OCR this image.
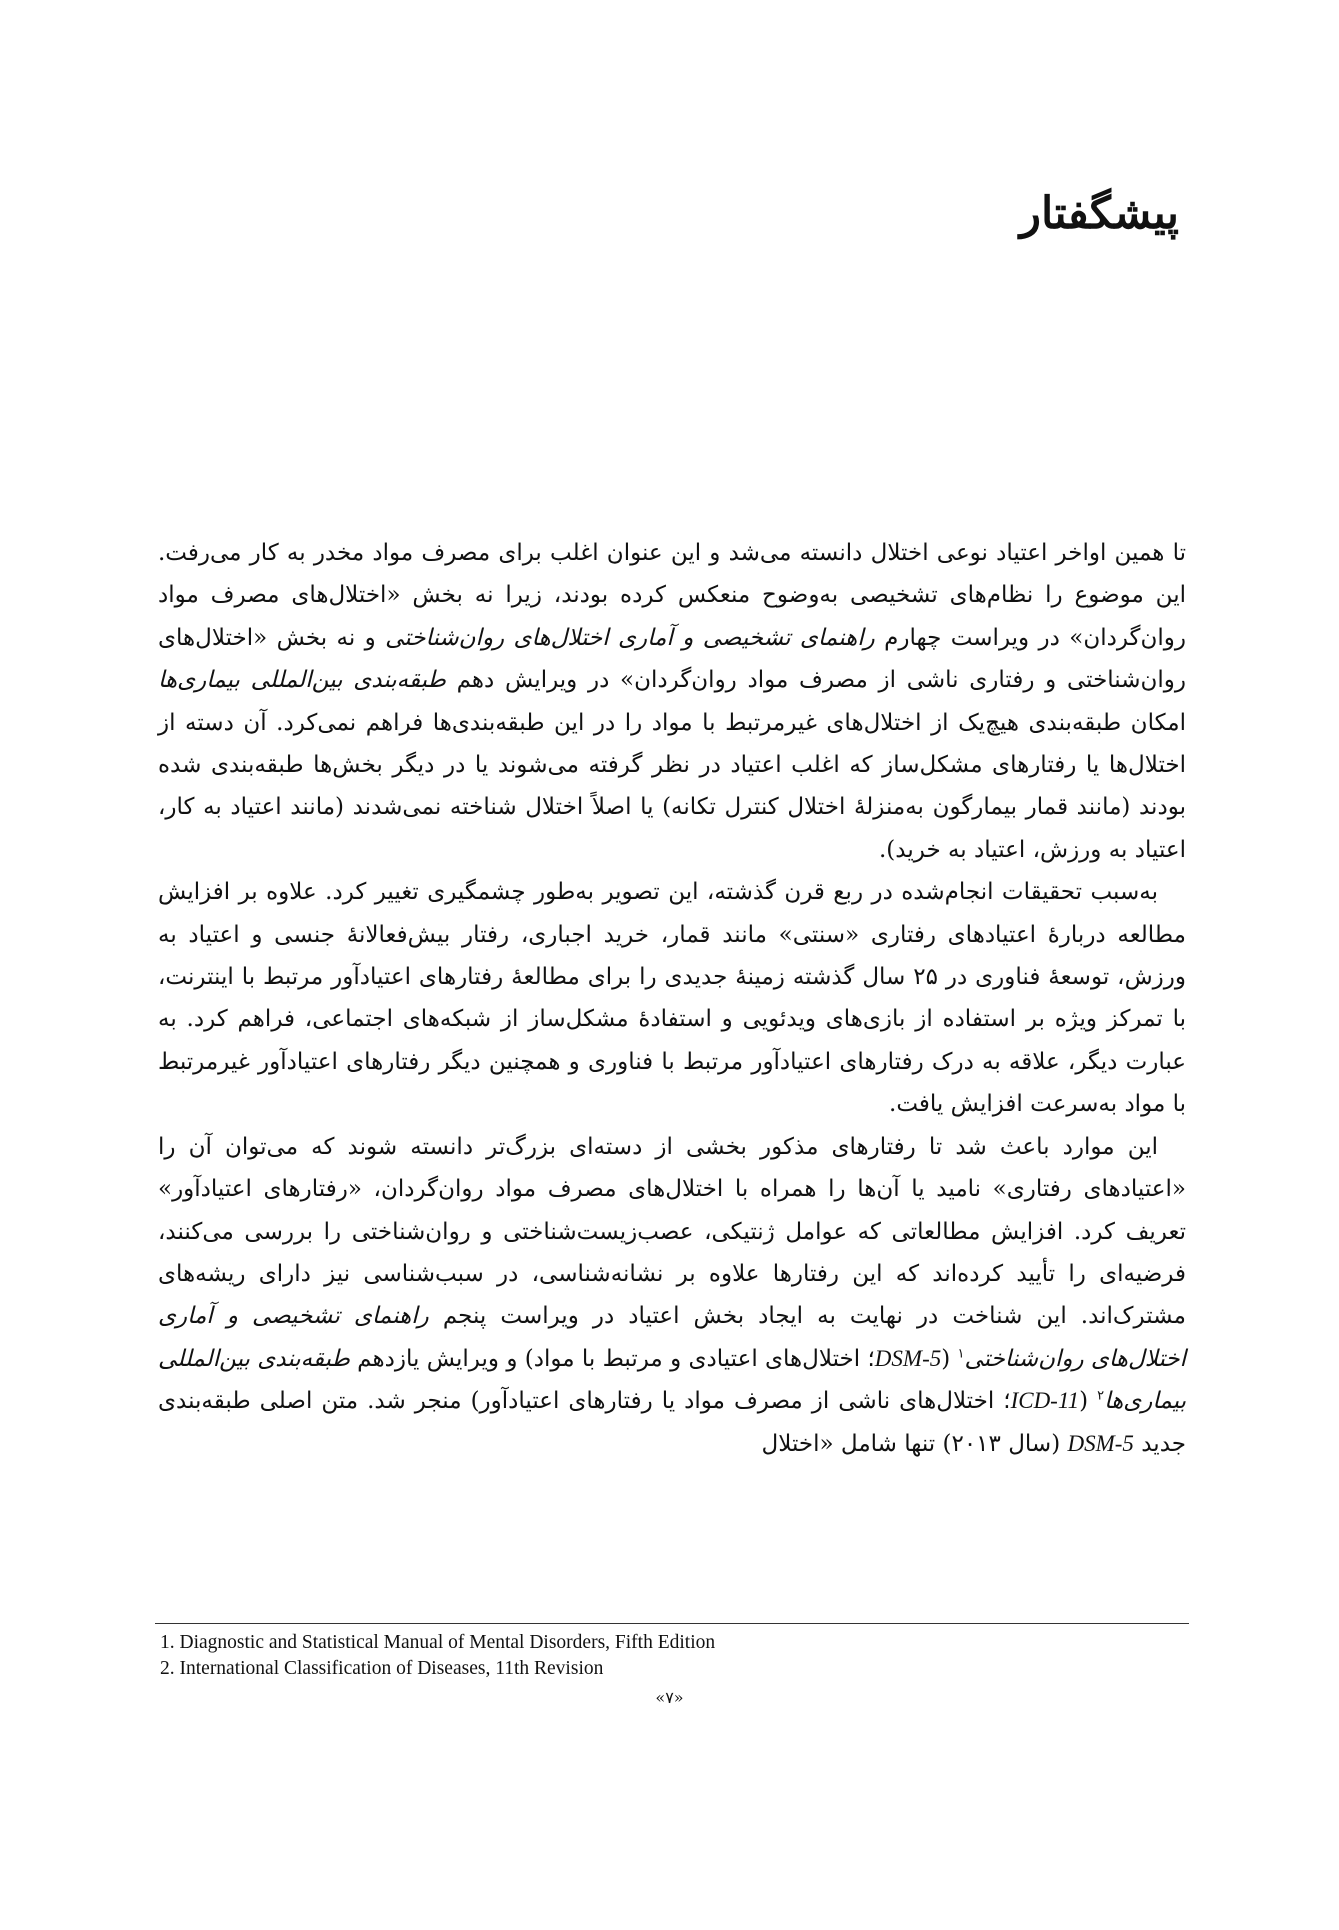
پیشگفتار

تا همین اواخر اعتیاد نوعی اختلال دانسته می‌شد و این عنوان اغلب برای مصرف مواد مخدر به کار می‌رفت. این موضوع را نظام‌های تشخیصی به‌وضوح منعکس کرده بودند، زیرا نه بخش «اختلال‌های مصرف مواد روان‌گردان» در ویراست چهارم راهنمای تشخیصی و آماری اختلال‌های روان‌شناختی و نه بخش «اختلال‌های روان‌شناختی و رفتاری ناشی از مصرف مواد روان‌گردان» در ویرایش دهم طبقه‌بندی بین‌المللی بیماری‌ها امکان طبقه‌بندی هیچ‌یک از اختلال‌های غیرمرتبط با مواد را در این طبقه‌بندی‌ها فراهم نمی‌کرد. آن دسته از اختلال‌ها یا رفتارهای مشکل‌ساز که اغلب اعتیاد در نظر گرفته می‌شوند یا در دیگر بخش‌ها طبقه‌بندی شده بودند (مانند قمار بیمارگون به‌منزلهٔ اختلال کنترل تکانه) یا اصلاً اختلال شناخته نمی‌شدند (مانند اعتیاد به کار، اعتیاد به ورزش، اعتیاد به خرید).

به‌سبب تحقیقات انجام‌شده در ربع قرن گذشته، این تصویر به‌طور چشمگیری تغییر کرد. علاوه بر افزایش مطالعه دربارهٔ اعتیادهای رفتاری «سنتی» مانند قمار، خرید اجباری، رفتار بیش‌فعالانهٔ جنسی و اعتیاد به ورزش، توسعهٔ فناوری در ۲۵ سال گذشته زمینهٔ جدیدی را برای مطالعهٔ رفتارهای اعتیادآور مرتبط با اینترنت، با تمرکز ویژه بر استفاده از بازی‌های ویدئویی و استفادهٔ مشکل‌ساز از شبکه‌های اجتماعی، فراهم کرد. به عبارت دیگر، علاقه به درک رفتارهای اعتیادآور مرتبط با فناوری و همچنین دیگر رفتارهای اعتیادآور غیرمرتبط با مواد به‌سرعت افزایش یافت.

این موارد باعث شد تا رفتارهای مذکور بخشی از دسته‌ای بزرگ‌تر دانسته شوند که می‌توان آن را «اعتیادهای رفتاری» نامید یا آن‌ها را همراه با اختلال‌های مصرف مواد روان‌گردان، «رفتارهای اعتیادآور» تعریف کرد. افزایش مطالعاتی که عوامل ژنتیکی، عصب‌زیست‌شناختی و روان‌شناختی را بررسی می‌کنند، فرضیه‌ای را تأیید کرده‌اند که این رفتارها علاوه بر نشانه‌شناسی، در سبب‌شناسی نیز دارای ریشه‌های مشترک‌اند. این شناخت در نهایت به ایجاد بخش اعتیاد در ویراست پنجم راهنمای تشخیصی و آماری اختلال‌های روان‌شناختی$^۱$ (DSM-5؛ اختلال‌های اعتیادی و مرتبط با مواد) و ویرایش یازدهم طبقه‌بندی بین‌المللی بیماری‌ها$^۲$ (ICD-11؛ اختلال‌های ناشی از مصرف مواد یا رفتارهای اعتیادآور) منجر شد. متن اصلی طبقه‌بندی جدید DSM-5 (سال ۲۰۱۳) تنها شامل «اختلال

1. Diagnostic and Statistical Manual of Mental Disorders, Fifth Edition
2. International Classification of Diseases, 11th Revision
«۷»
